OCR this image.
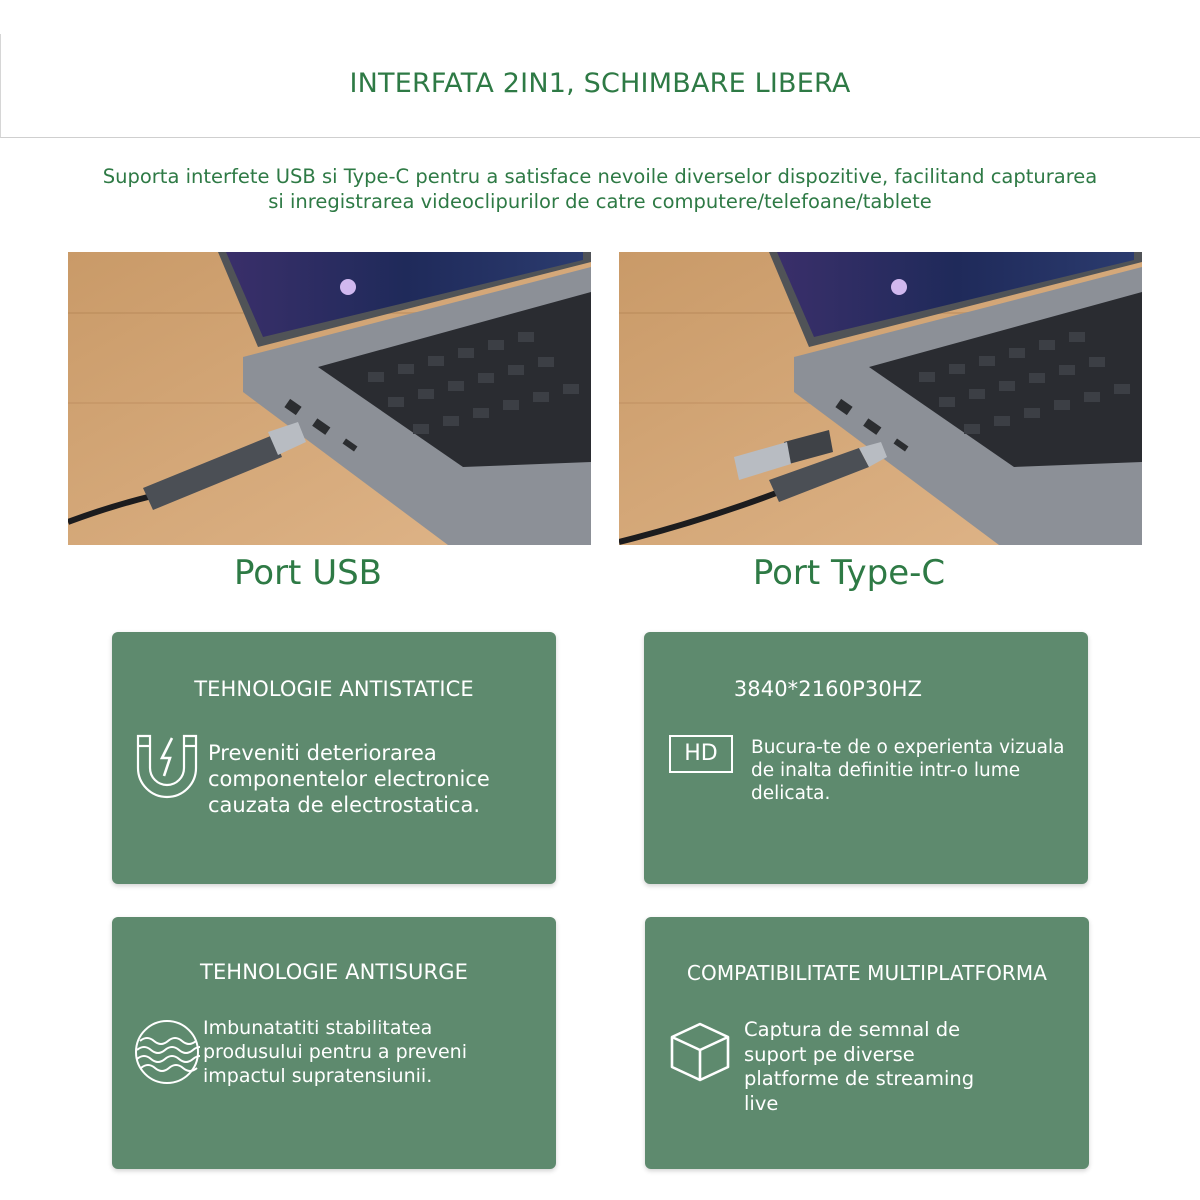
INTERFATA 2IN1, SCHIMBARE LIBERA
Suporta interfete USB si Type-C pentru a satisface nevoile diverselor dispozitive, facilitand capturarea
si inregistrarea videoclipurilor de catre computere/telefoane/tablete
Port USB	Port Type-C
TEHNOLOGIE ANTISTATICE
Preveniti deteriorarea
componentelor electronice
cauzata de electrostatica.
3840*2160P30HZ
HD	Bucura-te de o experienta vizuala
de inalta definitie intr-o lume
delicata.
TEHNOLOGIE ANTISURGE
Imbunatatiti stabilitatea
produsului pentru a preveni
impactul supratensiunii.
COMPATIBILITATE MULTIPLATFORMA
Captura de semnal de
suport pe diverse
platforme de streaming
live
